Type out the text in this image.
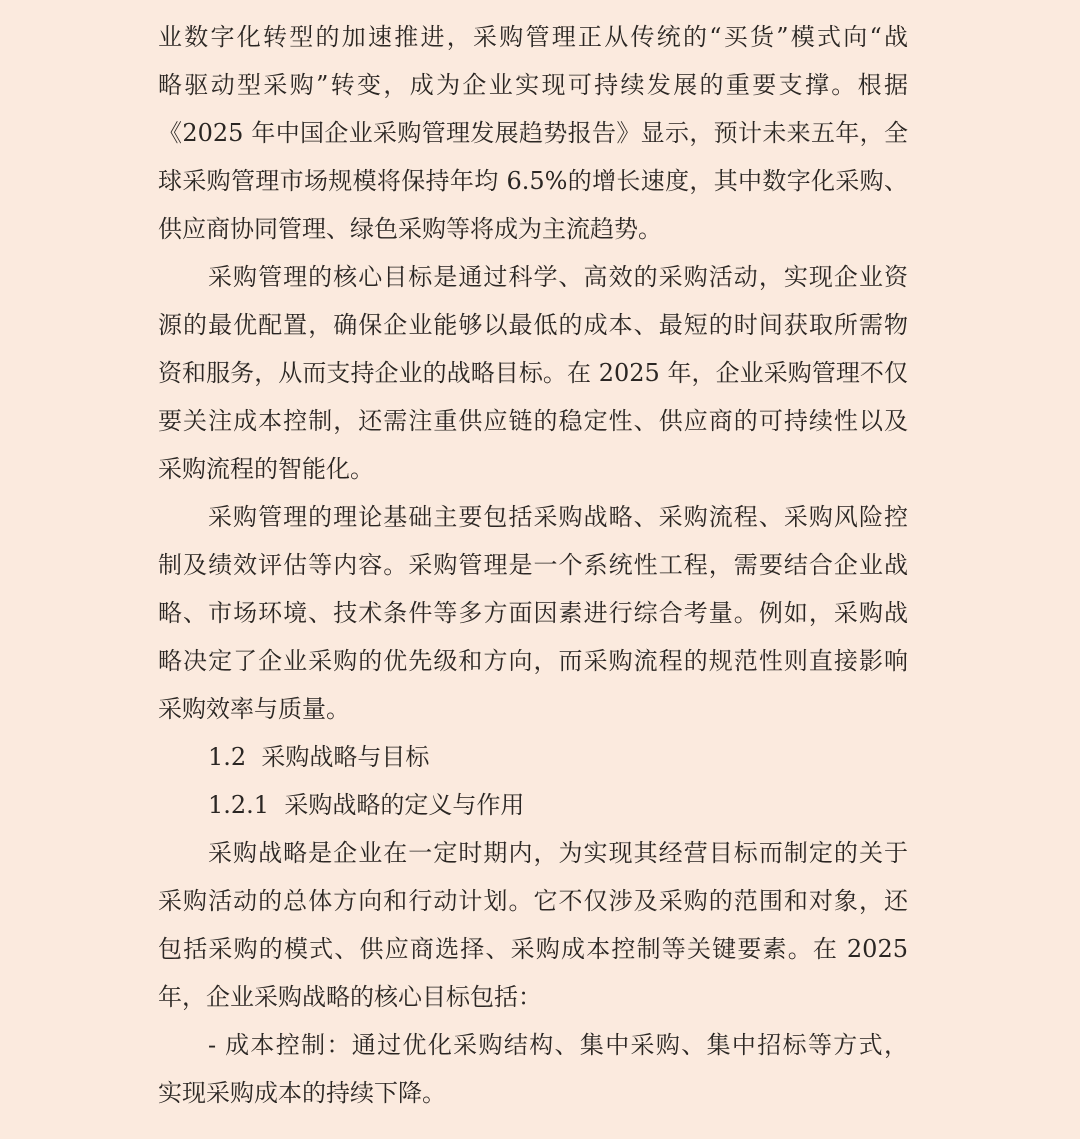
业数字化转型的加速推进，采购管理正从传统的“买货”模式向“战
略驱动型采购”转变，成为企业实现可持续发展的重要支撑。根据
《2025 年中国企业采购管理发展趋势报告》显示，预计未来五年，全
球采购管理市场规模将保持年均 6.5%的增长速度，其中数字化采购、
供应商协同管理、绿色采购等将成为主流趋势。
采购管理的核心目标是通过科学、高效的采购活动，实现企业资
源的最优配置，确保企业能够以最低的成本、最短的时间获取所需物
资和服务，从而支持企业的战略目标。在 2025 年，企业采购管理不仅
要关注成本控制，还需注重供应链的稳定性、供应商的可持续性以及
采购流程的智能化。
采购管理的理论基础主要包括采购战略、采购流程、采购风险控
制及绩效评估等内容。采购管理是一个系统性工程，需要结合企业战
略、市场环境、技术条件等多方面因素进行综合考量。例如，采购战
略决定了企业采购的优先级和方向，而采购流程的规范性则直接影响
采购效率与质量。
1.2  采购战略与目标
1.2.1  采购战略的定义与作用
采购战略是企业在一定时期内，为实现其经营目标而制定的关于
采购活动的总体方向和行动计划。它不仅涉及采购的范围和对象，还
包括采购的模式、供应商选择、采购成本控制等关键要素。在 2025
年，企业采购战略的核心目标包括：
- 成本控制：通过优化采购结构、集中采购、集中招标等方式，
实现采购成本的持续下降。
